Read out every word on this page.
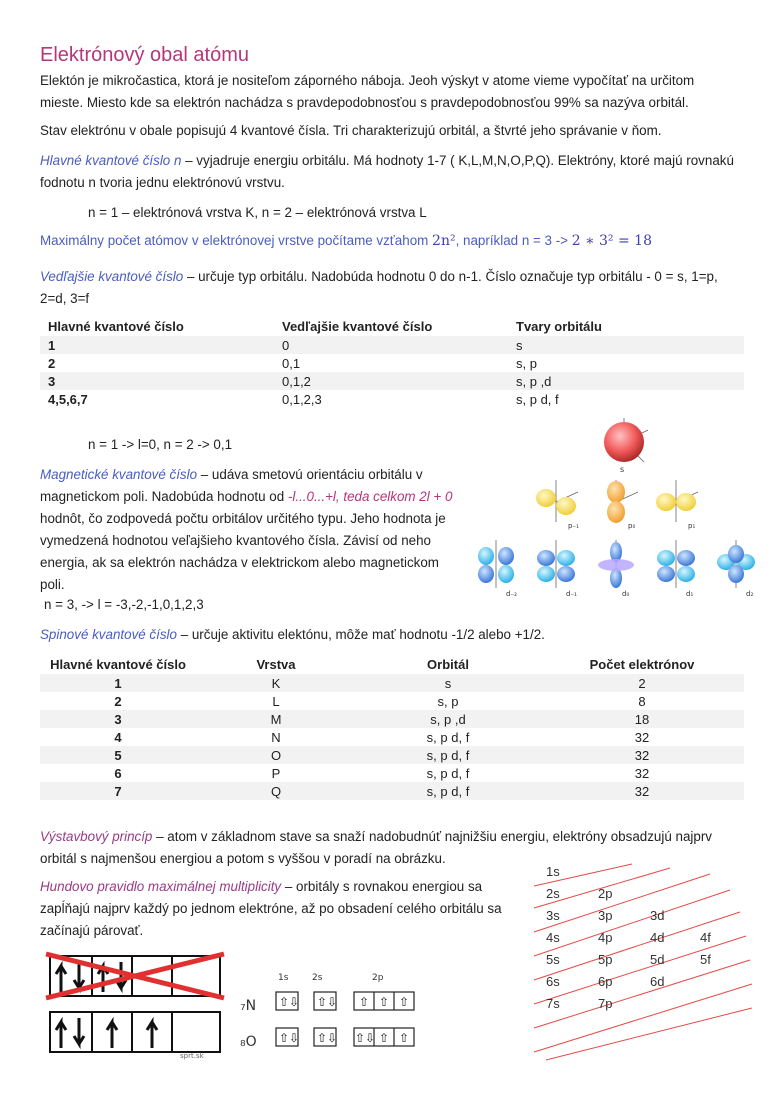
Elektrónový obal atómu

Elektón je mikročastica, ktorá je nositeľom záporného náboja. Jeoh výskyt v atome vieme vypočítať na určitom mieste. Miesto kde sa elektrón nachádza s pravdepodobnosťou s pravdepodobnosťou 99% sa nazýva orbitál.

Stav elektrónu v obale popisujú 4 kvantové čísla. Tri charakterizujú orbitál, a štvrté jeho správanie v ňom.

Hlavné kvantové číslo n – vyjadruje energiu orbitálu. Má hodnoty 1-7 ( K,L,M,N,O,P,Q). Elektróny, ktoré majú rovnakú fodnotu n tvoria jednu elektrónovú vrstvu.

n = 1 – elektrónová vrstva K, n = 2 – elektrónová vrstva L

Maximálny počet atómov v elektrónovej vrstve počítame vzťahom 2n², napríklad n = 3 -> 2 ∗ 3² = 18

Vedľajšie kvantové číslo – určuje typ orbitálu. Nadobúda hodnotu 0 do n-1. Číslo označuje typ orbitálu - 0 = s, 1=p, 2=d, 3=f

Hlavné kvantové číslo	Vedľajšie kvantové číslo	Tvary orbitálu
1	0	s
2	0,1	s, p
3	0,1,2	s, p ,d
4,5,6,7	0,1,2,3	s, p d, f

n = 1 -> l=0, n = 2 -> 0,1

Magnetické kvantové číslo – udáva smetovú orientáciu orbitálu v magnetickom poli. Nadobúda hodnotu od -l...0...+l, teda celkom 2l + 0 hodnôt, čo zodpovedá počtu orbitálov určitého typu. Jeho hodnota je vymedzená hodnotou veľajšieho kvantového čísla. Závisí od neho energia, ak sa elektrón nachádza v elektrickom alebo magnetickom poli.

n = 3, -> l = -3,-2,-1,0,1,2,3

s
p₋₁	p₀	p₁
d₋₂	d₋₁	d₀	d₁	d₂

Spinové kvantové číslo – určuje aktivitu elektónu, môže mať hodnotu -1/2 alebo +1/2.

Hlavné kvantové číslo	Vrstva	Orbitál	Počet elektrónov
1	K	s	2
2	L	s, p	8
3	M	s, p ,d	18
4	N	s, p d, f	32
5	O	s, p d, f	32
6	P	s, p d, f	32
7	Q	s, p d, f	32

Výstavbový princíp – atom v základnom stave sa snaží nadobudnúť najnižšiu energiu, elektróny obsadzujú najprv orbitál s najmenšou energiou a potom s vyššou v poradí na obrázku.

Hundovo pravidlo maximálnej multiplicity – orbitály s rovnakou energiou sa zapĺňajú najprv každý po jednom elektróne, až po obsadení celého orbitálu sa začínajú párovať.

1s
2s	2p
3s	3p	3d
4s	4p	4d	4f
5s	5p	5d	5f
6s	6p	6d
7s	7p
sprt.sk
1s	2s	2p
₇N
₈O
⇧⇩ ⇧⇩ ⇧ ⇧ ⇧
⇧⇩ ⇧⇩ ⇧⇩ ⇧ ⇧
